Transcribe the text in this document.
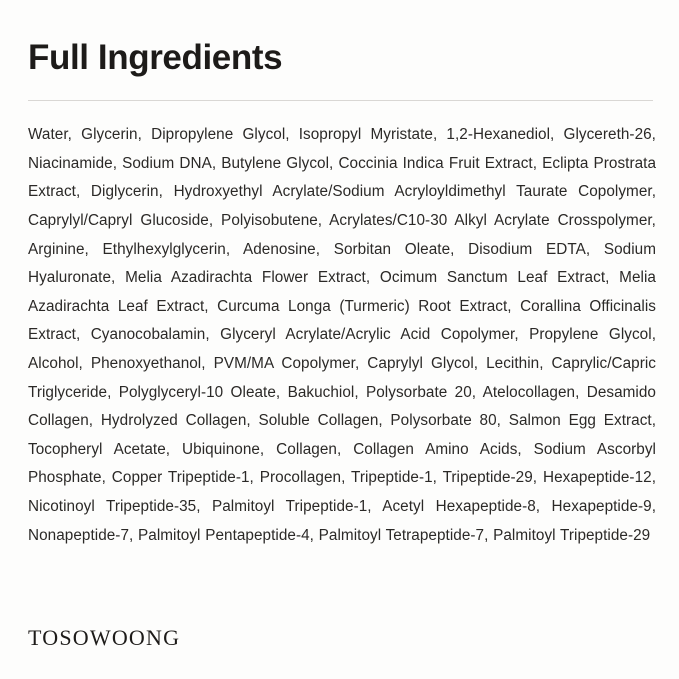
Full Ingredients

Water, Glycerin, Dipropylene Glycol, Isopropyl Myristate, 1,2-Hexanediol, Glycereth-26, Niacinamide, Sodium DNA, Butylene Glycol, Coccinia Indica Fruit Extract, Eclipta Prostrata Extract, Diglycerin, Hydroxyethyl Acrylate/Sodium Acryloyldimethyl Taurate Copolymer, Caprylyl/Capryl Glucoside, Polyisobutene, Acrylates/C10-30 Alkyl Acrylate Crosspolymer, Arginine, Ethylhexylglycerin, Adenosine, Sorbitan Oleate, Disodium EDTA, Sodium Hyaluronate, Melia Azadirachta Flower Extract, Ocimum Sanctum Leaf Extract, Melia Azadirachta Leaf Extract, Curcuma Longa (Turmeric) Root Extract, Corallina Officinalis Extract, Cyanocobalamin, Glyceryl Acrylate/Acrylic Acid Copolymer, Propylene Glycol, Alcohol, Phenoxyethanol, PVM/MA Copolymer, Caprylyl Glycol, Lecithin, Caprylic/Capric Triglyceride, Polyglyceryl-10 Oleate, Bakuchiol, Polysorbate 20, Atelocollagen, Desamido Collagen, Hydrolyzed Collagen, Soluble Collagen, Polysorbate 80, Salmon Egg Extract, Tocopheryl Acetate, Ubiquinone, Collagen, Collagen Amino Acids, Sodium Ascorbyl Phosphate, Copper Tripeptide-1, Procollagen, Tripeptide-1, Tripeptide-29, Hexapeptide-12, Nicotinoyl Tripeptide-35, Palmitoyl Tripeptide-1, Acetyl Hexapeptide-8, Hexapeptide-9, Nonapeptide-7, Palmitoyl Pentapeptide-4, Palmitoyl Tetrapeptide-7, Palmitoyl Tripeptide-29

TOSOWOONG
